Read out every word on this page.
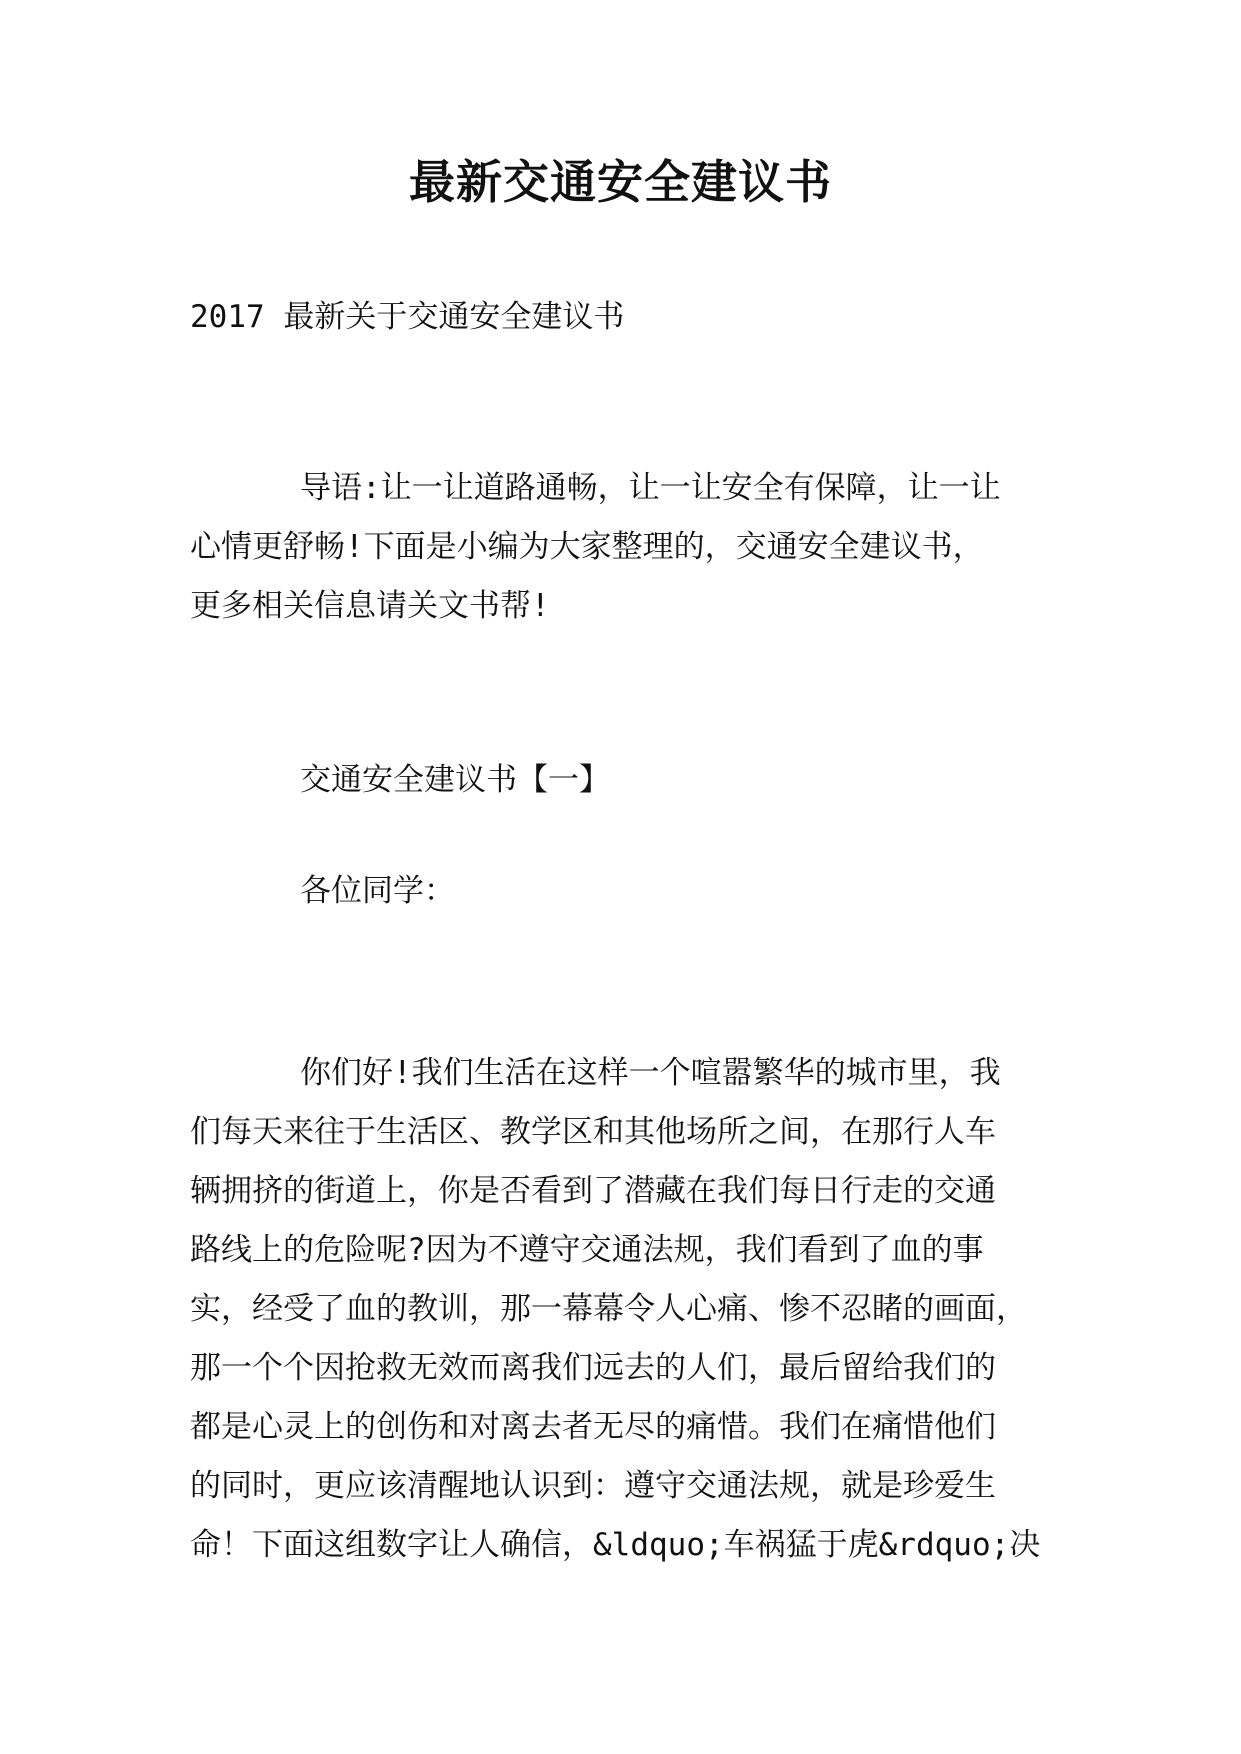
最新交通安全建议书
2017 最新关于交通安全建议书
导语:让一让道路通畅，让一让安全有保障，让一让
心情更舒畅!下面是小编为大家整理的，交通安全建议书，
更多相关信息请关文书帮!
交通安全建议书【一】
各位同学：
你们好!我们生活在这样一个喧嚣繁华的城市里，我
们每天来往于生活区、教学区和其他场所之间，在那行人车
辆拥挤的街道上，你是否看到了潜藏在我们每日行走的交通
路线上的危险呢?因为不遵守交通法规，我们看到了血的事
实，经受了血的教训，那一幕幕令人心痛、惨不忍睹的画面，
那一个个因抢救无效而离我们远去的人们，最后留给我们的
都是心灵上的创伤和对离去者无尽的痛惜。我们在痛惜他们
的同时，更应该清醒地认识到：遵守交通法规，就是珍爱生
命！下面这组数字让人确信，&ldquo;车祸猛于虎&rdquo;决
